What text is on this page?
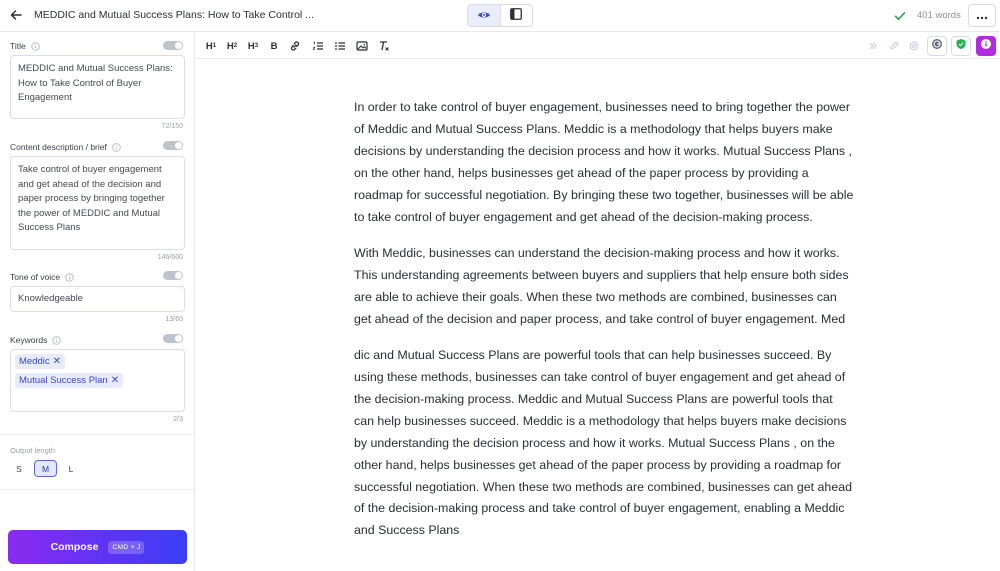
MEDDIC and Mutual Success Plans: How to Take Control ...	401 words
Title
MEDDIC and Mutual Success Plans: How to Take Control of Buyer Engagement
72/150
Content description / brief
Take control of buyer engagement and get ahead of the decision and paper process by bringing together the power of MEDDIC and Mutual Success Plans
146/600
Tone of voice
Knowledgeable
13/60
Keywords
Meddic ✕
Mutual Success Plan ✕
2/3
Output length
S	M	L
Compose	CMD + J
H 1 H 2 H 3 B

In order to take control of buyer engagement, businesses need to bring together the power of Meddic and Mutual Success Plans. Meddic is a methodology that helps buyers make decisions by understanding the decision process and how it works. Mutual Success Plans , on the other hand, helps businesses get ahead of the paper process by providing a roadmap for successful negotiation. By bringing these two together, businesses will be able to take control of buyer engagement and get ahead of the decision-making process.

With Meddic, businesses can understand the decision-making process and how it works. This understanding agreements between buyers and suppliers that help ensure both sides are able to achieve their goals. When these two methods are combined, businesses can get ahead of the decision and paper process, and take control of buyer engagement. Med

dic and Mutual Success Plans are powerful tools that can help businesses succeed. By using these methods, businesses can take control of buyer engagement and get ahead of the decision-making process. Meddic and Mutual Success Plans are powerful tools that can help businesses succeed. Meddic is a methodology that helps buyers make decisions by understanding the decision process and how it works. Mutual Success Plans , on the other hand, helps businesses get ahead of the paper process by providing a roadmap for successful negotiation. When these two methods are combined, businesses can get ahead of the decision-making process and take control of buyer engagement, enabling a Meddic and Success Plans
